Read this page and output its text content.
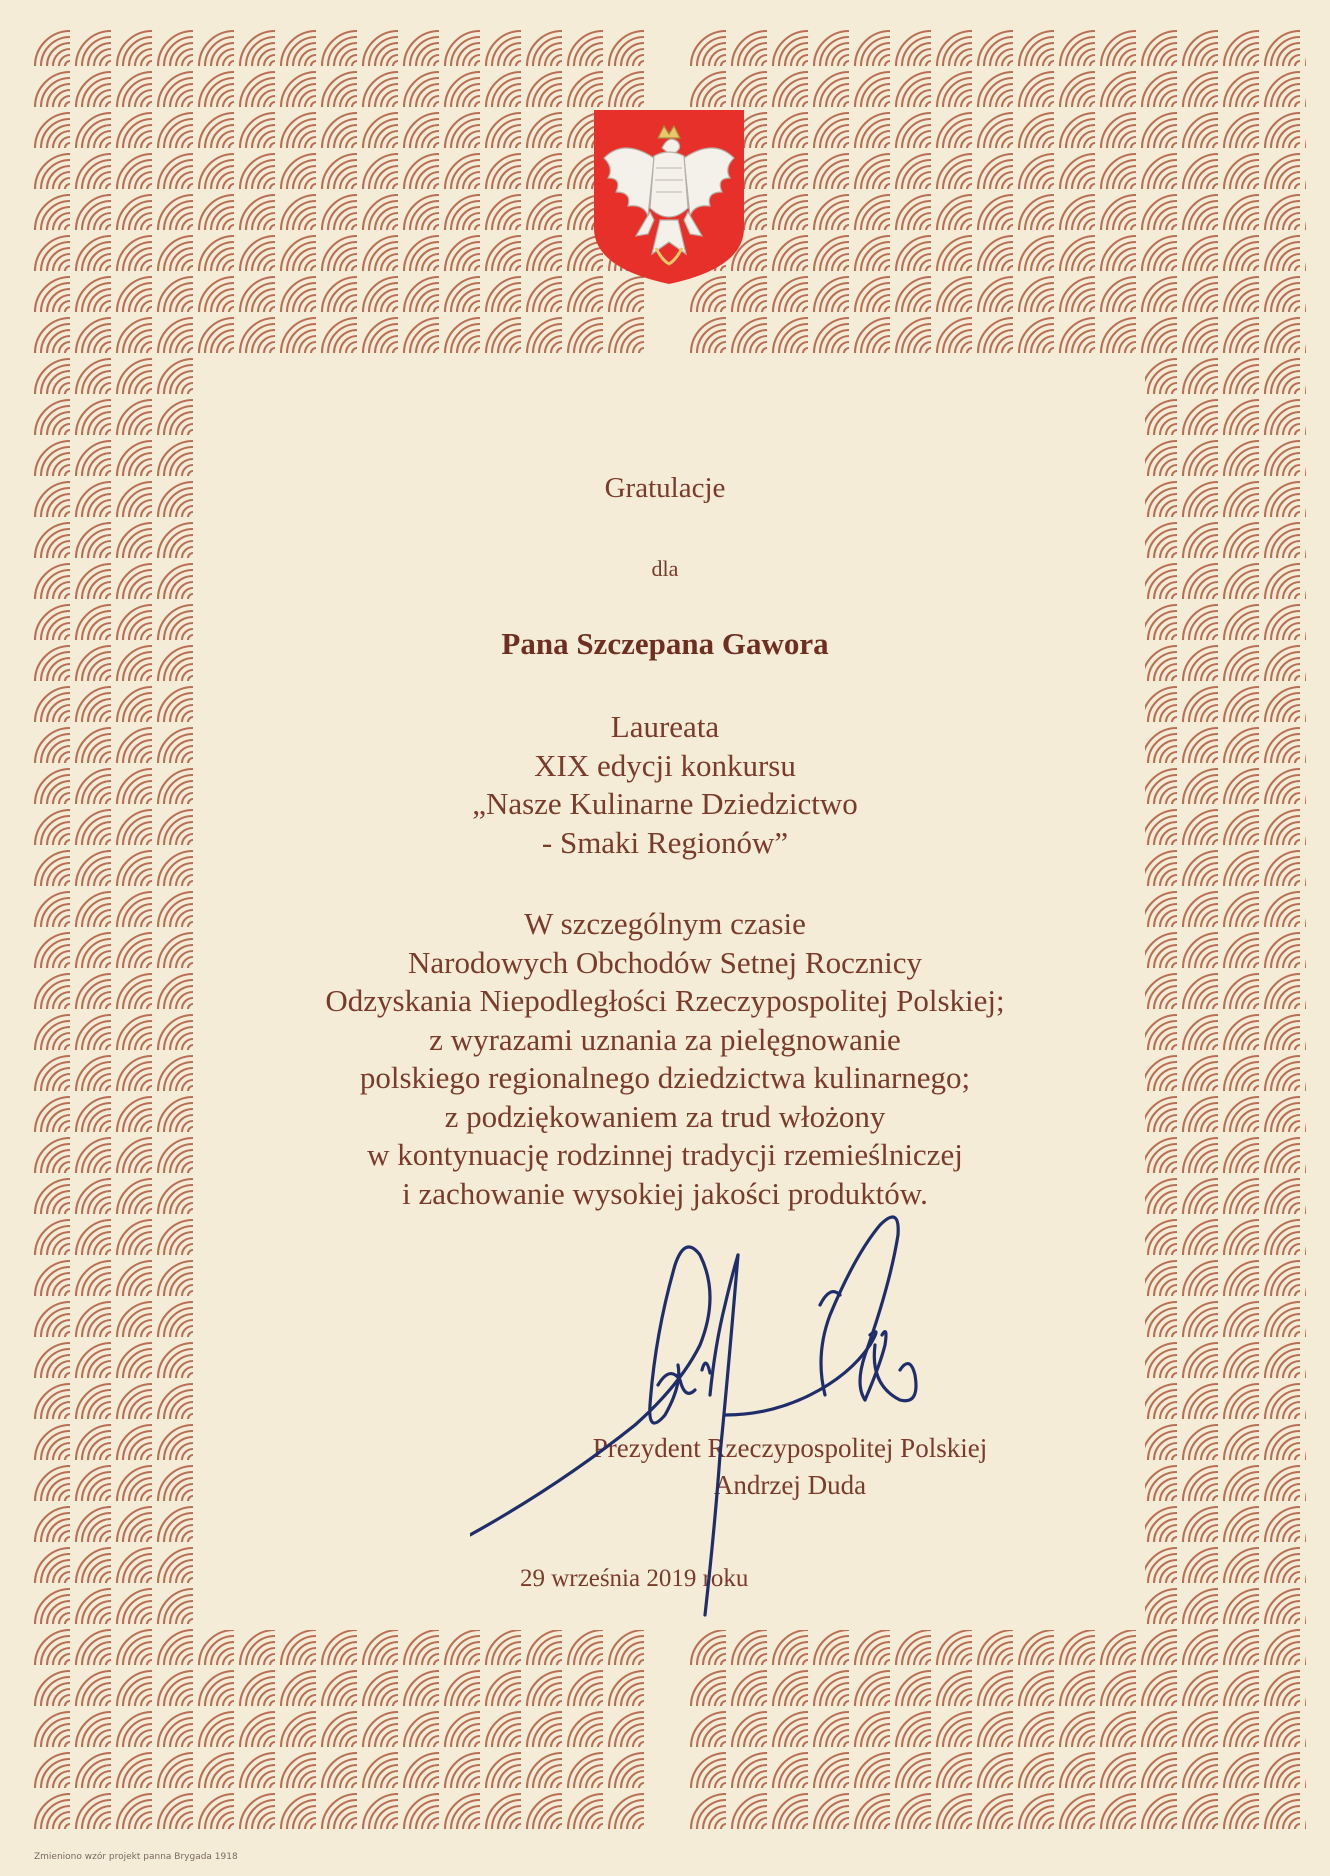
Gratulacje
dla
Pana Szczepana Gawora
Laureata
XIX edycji konkursu
„Nasze Kulinarne Dziedzictwo
- Smaki Regionów”
W szczególnym czasie
Narodowych Obchodów Setnej Rocznicy
Odzyskania Niepodległości Rzeczypospolitej Polskiej;
z wyrazami uznania za pielęgnowanie
polskiego regionalnego dziedzictwa kulinarnego;
z podziękowaniem za trud włożony
w kontynuację rodzinnej tradycji rzemieślniczej
i zachowanie wysokiej jakości produktów.
Prezydent Rzeczypospolitej Polskiej
Andrzej Duda
29 września 2019 roku
Zmieniono wzór projekt panna Brygada 1918
